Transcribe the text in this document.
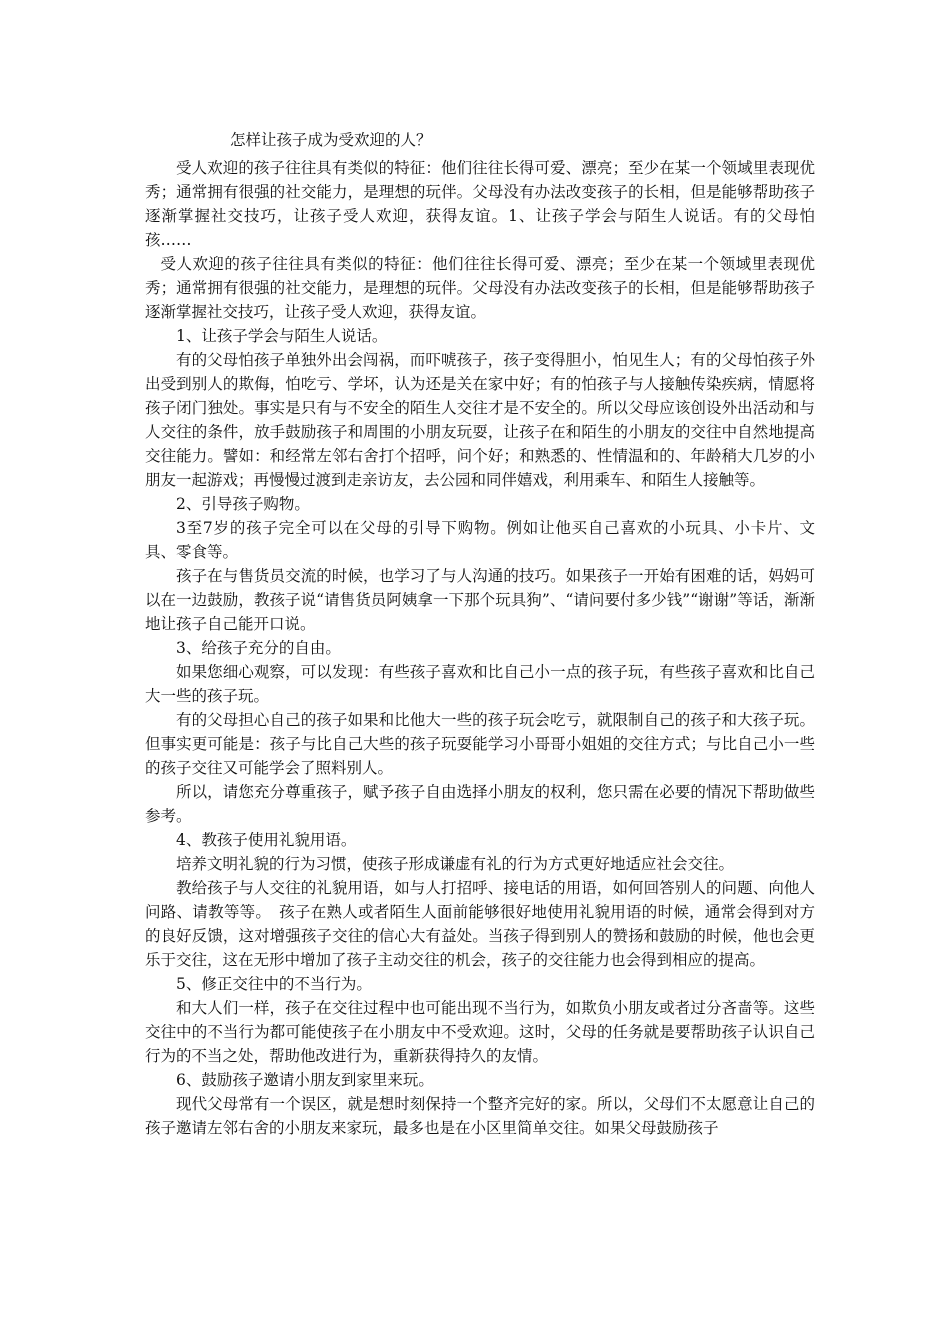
怎样让孩子成为受欢迎的人？

受人欢迎的孩子往往具有类似的特征：他们往往长得可爱、漂亮；至少在某一个领域里表现优秀；通常拥有很强的社交能力，是理想的玩伴。父母没有办法改变孩子的长相，但是能够帮助孩子逐渐掌握社交技巧，让孩子受人欢迎，获得友谊。1、让孩子学会与陌生人说话。有的父母怕孩……

受人欢迎的孩子往往具有类似的特征：他们往往长得可爱、漂亮；至少在某一个领域里表现优秀；通常拥有很强的社交能力，是理想的玩伴。父母没有办法改变孩子的长相，但是能够帮助孩子逐渐掌握社交技巧，让孩子受人欢迎，获得友谊。

1、让孩子学会与陌生人说话。

有的父母怕孩子单独外出会闯祸，而吓唬孩子，孩子变得胆小，怕见生人；有的父母怕孩子外出受到别人的欺侮，怕吃亏、学坏，认为还是关在家中好；有的怕孩子与人接触传染疾病，情愿将孩子闭门独处。事实是只有与不安全的陌生人交往才是不安全的。所以父母应该创设外出活动和与人交往的条件，放手鼓励孩子和周围的小朋友玩耍，让孩子在和陌生的小朋友的交往中自然地提高交往能力。譬如：和经常左邻右舍打个招呼，问个好；和熟悉的、性情温和的、年龄稍大几岁的小朋友一起游戏；再慢慢过渡到走亲访友，去公园和同伴嬉戏，利用乘车、和陌生人接触等。

2、引导孩子购物。

3至7岁的孩子完全可以在父母的引导下购物。例如让他买自己喜欢的小玩具、小卡片、文具、零食等。

孩子在与售货员交流的时候，也学习了与人沟通的技巧。如果孩子一开始有困难的话，妈妈可以在一边鼓励，教孩子说“请售货员阿姨拿一下那个玩具狗”、“请问要付多少钱”“谢谢”等话，渐渐地让孩子自己能开口说。

3、给孩子充分的自由。

如果您细心观察，可以发现：有些孩子喜欢和比自己小一点的孩子玩，有些孩子喜欢和比自己大一些的孩子玩。

有的父母担心自己的孩子如果和比他大一些的孩子玩会吃亏，就限制自己的孩子和大孩子玩。但事实更可能是：孩子与比自己大些的孩子玩耍能学习小哥哥小姐姐的交往方式；与比自己小一些的孩子交往又可能学会了照料别人。

所以，请您充分尊重孩子，赋予孩子自由选择小朋友的权利，您只需在必要的情况下帮助做些参考。

4、教孩子使用礼貌用语。

培养文明礼貌的行为习惯，使孩子形成谦虚有礼的行为方式更好地适应社会交往。

教给孩子与人交往的礼貌用语，如与人打招呼、接电话的用语，如何回答别人的问题、向他人问路、请教等等。　孩子在熟人或者陌生人面前能够很好地使用礼貌用语的时候，通常会得到对方的良好反馈，这对增强孩子交往的信心大有益处。当孩子得到别人的赞扬和鼓励的时候，他也会更乐于交往，这在无形中增加了孩子主动交往的机会，孩子的交往能力也会得到相应的提高。

5、修正交往中的不当行为。

和大人们一样，孩子在交往过程中也可能出现不当行为，如欺负小朋友或者过分吝啬等。这些交往中的不当行为都可能使孩子在小朋友中不受欢迎。这时，父母的任务就是要帮助孩子认识自己行为的不当之处，帮助他改进行为，重新获得持久的友情。

6、鼓励孩子邀请小朋友到家里来玩。

现代父母常有一个误区，就是想时刻保持一个整齐完好的家。所以，父母们不太愿意让自己的孩子邀请左邻右舍的小朋友来家玩，最多也是在小区里简单交往。如果父母鼓励孩子
